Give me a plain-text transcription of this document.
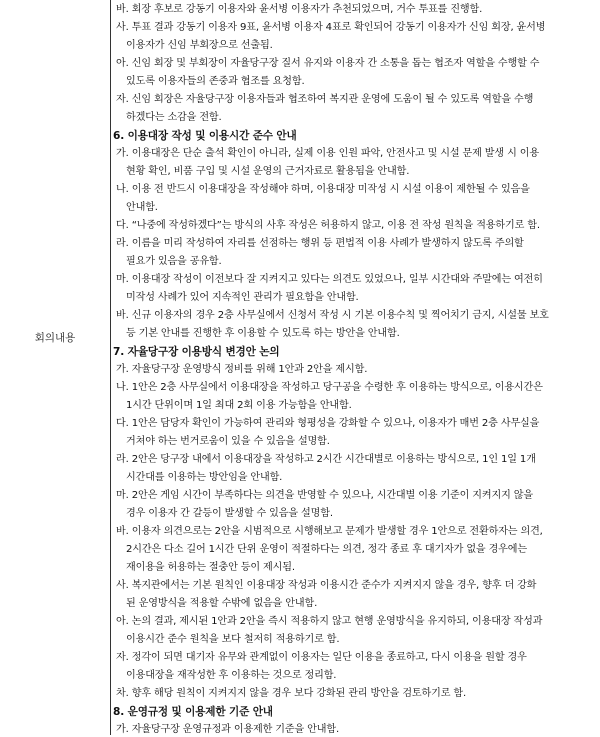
회의내용
바. 회장 후보로 강동기 이용자와 윤서병 이용자가 추천되었으며, 거수 투표를 진행함.
사. 투표 결과 강동기 이용자 9표, 윤서병 이용자 4표로 확인되어 강동기 이용자가 신임 회장, 윤서병
이용자가 신임 부회장으로 선출됨.
아. 신임 회장 및 부회장이 자율당구장 질서 유지와 이용자 간 소통을 돕는 협조자 역할을 수행할 수
있도록 이용자들의 존중과 협조를 요청함.
자. 신임 회장은 자율당구장 이용자들과 협조하여 복지관 운영에 도움이 될 수 있도록 역할을 수행
하겠다는 소감을 전함.
6. 이용대장 작성 및 이용시간 준수 안내
가. 이용대장은 단순 출석 확인이 아니라, 실제 이용 인원 파악, 안전사고 및 시설 문제 발생 시 이용
현황 확인, 비품 구입 및 시설 운영의 근거자료로 활용됨을 안내함.
나. 이용 전 반드시 이용대장을 작성해야 하며, 이용대장 미작성 시 시설 이용이 제한될 수 있음을
안내함.
다. “나중에 작성하겠다”는 방식의 사후 작성은 허용하지 않고, 이용 전 작성 원칙을 적용하기로 함.
라. 이름을 미리 작성하여 자리를 선점하는 행위 등 편법적 이용 사례가 발생하지 않도록 주의할
필요가 있음을 공유함.
마. 이용대장 작성이 이전보다 잘 지켜지고 있다는 의견도 있었으나, 일부 시간대와 주말에는 여전히
미작성 사례가 있어 지속적인 관리가 필요함을 안내함.
바. 신규 이용자의 경우 2층 사무실에서 신청서 작성 시 기본 이용수칙 및 찍어치기 금지, 시설물 보호
등 기본 안내를 진행한 후 이용할 수 있도록 하는 방안을 안내함.
7. 자율당구장 이용방식 변경안 논의
가. 자율당구장 운영방식 정비를 위해 1안과 2안을 제시함.
나. 1안은 2층 사무실에서 이용대장을 작성하고 당구공을 수령한 후 이용하는 방식으로, 이용시간은
1시간 단위이며 1일 최대 2회 이용 가능함을 안내함.
다. 1안은 담당자 확인이 가능하여 관리와 형평성을 강화할 수 있으나, 이용자가 매번 2층 사무실을
거쳐야 하는 번거로움이 있을 수 있음을 설명함.
라. 2안은 당구장 내에서 이용대장을 작성하고 2시간 시간대별로 이용하는 방식으로, 1인 1일 1개
시간대를 이용하는 방안임을 안내함.
마. 2안은 게임 시간이 부족하다는 의견을 반영할 수 있으나, 시간대별 이용 기준이 지켜지지 않을
경우 이용자 간 갈등이 발생할 수 있음을 설명함.
바. 이용자 의견으로는 2안을 시범적으로 시행해보고 문제가 발생할 경우 1안으로 전환하자는 의견,
2시간은 다소 길어 1시간 단위 운영이 적절하다는 의견, 정각 종료 후 대기자가 없을 경우에는
재이용을 허용하는 절충안 등이 제시됨.
사. 복지관에서는 기본 원칙인 이용대장 작성과 이용시간 준수가 지켜지지 않을 경우, 향후 더 강화
된 운영방식을 적용할 수밖에 없음을 안내함.
아. 논의 결과, 제시된 1안과 2안을 즉시 적용하지 않고 현행 운영방식을 유지하되, 이용대장 작성과
이용시간 준수 원칙을 보다 철저히 적용하기로 함.
자. 정각이 되면 대기자 유무와 관계없이 이용자는 일단 이용을 종료하고, 다시 이용을 원할 경우
이용대장을 재작성한 후 이용하는 것으로 정리함.
차. 향후 해당 원칙이 지켜지지 않을 경우 보다 강화된 관리 방안을 검토하기로 함.
8. 운영규정 및 이용제한 기준 안내
가. 자율당구장 운영규정과 이용제한 기준을 안내함.
